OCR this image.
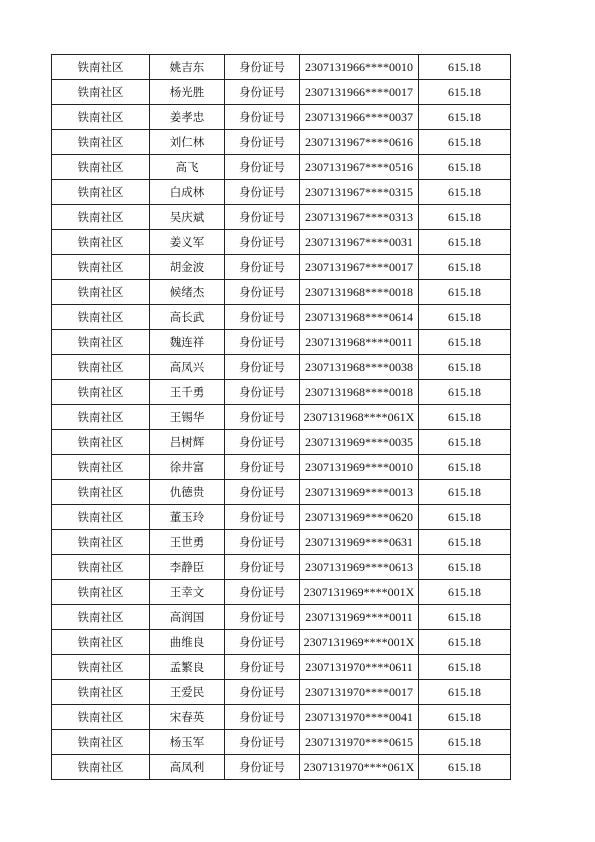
铁南社区	姚吉东	身份证号	2307131966****0010	615.18
铁南社区	杨光胜	身份证号	2307131966****0017	615.18
铁南社区	姜孝忠	身份证号	2307131966****0037	615.18
铁南社区	刘仁林	身份证号	2307131967****0616	615.18
铁南社区	高飞	身份证号	2307131967****0516	615.18
铁南社区	白成林	身份证号	2307131967****0315	615.18
铁南社区	吴庆斌	身份证号	2307131967****0313	615.18
铁南社区	姜义军	身份证号	2307131967****0031	615.18
铁南社区	胡金波	身份证号	2307131967****0017	615.18
铁南社区	候绪杰	身份证号	2307131968****0018	615.18
铁南社区	高长武	身份证号	2307131968****0614	615.18
铁南社区	魏连祥	身份证号	2307131968****0011	615.18
铁南社区	高凤兴	身份证号	2307131968****0038	615.18
铁南社区	王千勇	身份证号	2307131968****0018	615.18
铁南社区	王锡华	身份证号	2307131968****061X	615.18
铁南社区	吕树辉	身份证号	2307131969****0035	615.18
铁南社区	徐井富	身份证号	2307131969****0010	615.18
铁南社区	仇德贵	身份证号	2307131969****0013	615.18
铁南社区	董玉玲	身份证号	2307131969****0620	615.18
铁南社区	王世勇	身份证号	2307131969****0631	615.18
铁南社区	李静臣	身份证号	2307131969****0613	615.18
铁南社区	王幸文	身份证号	2307131969****001X	615.18
铁南社区	高润国	身份证号	2307131969****0011	615.18
铁南社区	曲维良	身份证号	2307131969****001X	615.18
铁南社区	孟繁良	身份证号	2307131970****0611	615.18
铁南社区	王爱民	身份证号	2307131970****0017	615.18
铁南社区	宋春英	身份证号	2307131970****0041	615.18
铁南社区	杨玉军	身份证号	2307131970****0615	615.18
铁南社区	高凤利	身份证号	2307131970****061X	615.18
